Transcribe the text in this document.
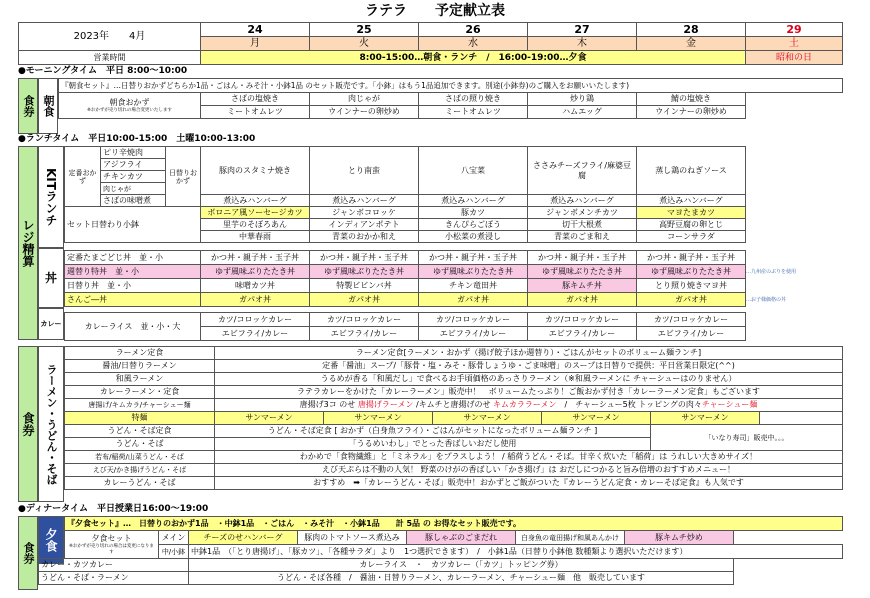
ラテラ　　予定献立表
2023年　　4月	24	25	26	27	28	29
	月	火	水	木	金	土
営業時間	8:00-15:00…朝食・ランチ　/　16:00-19:00…夕食					昭和の日
●モーニングタイム　平日 8:00～10:00
食券 朝食
『朝食セット』…日替りおかずどちらか1品・ごはん・みそ汁・小鉢1品 のセット販売です。「小鉢」はもう1品追加できます。別途(小鉢券)のご購入をお願いいたします)						

朝食おかず
※おかずが売り切れの場合変更いたします	さばの塩焼き	肉じゃが	さばの照り焼き	炒り鶏	鯖の塩焼き	
	ミートオムレツ	ウインナーの卵炒め	ミートオムレツ	ハムエッグ	ウインナーの卵炒め	
●ランチタイム　平日10:00-15:00　土曜10:00-13:00
レジ精算
KITランチ
丼
カレー
定番おかず	ピリ辛焼肉	日替りおかず	豚肉のスタミナ焼き	とり南蛮	八宝菜	ささみチーズフライ/麻婆豆腐	蒸し鶏のねぎソース	
	アジフライ							
	チキンカツ							
	肉じゃが							
	さばの味噌煮		煮込みハンバーグ	煮込みハンバーグ	煮込みハンバーグ	煮込みハンバーグ	煮込みハンバーグ	
セット日替わり小鉢			ボロニア風ソーセージカツ	ジャンボコロッケ	豚カツ	ジャンボメンチカツ	マヨたまカツ	
			里芋のそぼろあん	インディアンポテト	きんぴらごぼう	切干大根煮	高野豆腐の卵とじ	
			中華春雨	青菜のおかか和え	小松菜の煮浸し	青菜のごま和え	コーンサラダ	
定番たまごどじ丼　並・小	かつ丼・親子丼・玉子丼	かつ丼・親子丼・玉子丼	かつ丼・親子丼・玉子丼	かつ丼・親子丼・玉子丼	かつ丼・親子丼・玉子丼
週替り特丼　並・小	ゆず風味ぶりたたき丼	ゆず風味ぶりたたき丼	ゆず風味ぶりたたき丼	ゆず風味ぶりたたき丼	ゆず風味ぶりたたき丼
日替り丼　並・小	味噌カツ丼	特製ビビンバ丼	チキン竜田丼	豚キムチ丼	とり照り焼きマヨ丼
さんご―丼	ガパオ丼	ガパオ丼	ガパオ丼	ガパオ丼	ガパオ丼
…九州産のぶりを使用
…お子様価格の丼
カレーライス　並・小・大	カツ/コロッケカレー	カツ/コロッケカレー	カツ/コロッケカレー	カツ/コロッケカレー	カツ/コロッケカレー
	エビフライ/カレー	エビフライ/カレー	エビフライ/カレー	エビフライ/カレー	エビフライ/カレー
食券 ラーメン・うどん・そば
ラーメン定食	ラーメン定食[ラーメン・おかず（揚げ餃子ほか週替り）・ごはんがセットのボリューム麺ランチ]					
醤油/日替りラーメン	定番「醤油」スープ/「豚骨・塩・みそ・豚骨しょうゆ・ごま味噌」のスープは日替りで提供：平日営業日限定(^^)					
和風ラーメン	うるめが香る「和風だし」で食べるお手頃価格のあっさりラーメン（※和風ラーメンに チャーシューはのりません）					
カレーラーメン・定食	ラテラカレーをかけた「カレーラーメン」販売中！　ボリュームたっぷり！ご飯おかず付き「カレーラーメン定食」もございます					
唐揚げ/キムカラ/チャーシュー麺	唐揚げ3コ のせ 唐揚げラーメン /キムチと唐揚げのせ キムカララーメン　/　チャーシュー5枚 トッピングの肉々チャーシュー麺					
特麺	サンマーメン	サンマーメン	サンマーメン	サンマーメン	サンマーメン	
うどん・そば定食	うどん・そば定食 [ おかず（白身魚フライ）・ごはんがセットになったボリューム麺ランチ ]				「いなり寿司」販売中。。。	
うどん・そば	「うるめいわし」でとった香ばしいおだし使用					
若布/稲荷/山菜うどん・そば	わかめで「食物繊維」と「ミネラル」をプラスしよう！ / 稲荷うどん・そば。甘辛く炊いた「稲荷」は うれしい大きめサイズ！					
えび天/かき揚げうどん・そば	えび天ぷらは不動の人気！ 野菜のけがの香ばしい「かき揚げ」は おだしにつかると旨み倍増のおすすめメニュー！					
カレーうどん・そば	おすすめ　➡「カレーうどん・そば」販売中！おかずとご飯がついた『カレーうどん定食・カレーそば定食』も人気です					
●ディナータイム　平日授業日16:00～19:00
食券
夕食
	『夕食セット』…　日替りのおかず1品　・中鉢1品　・ごはん　・みそ汁　・小鉢1品　　計 5品 の お得なセット販売です。							

	夕食セット
※おかずが売り切れの場合は変更になります	メイン	チーズのせハンバーグ	豚肉のトマトソース煮込み	豚しゃぶのごまだれ	白身魚の竜田揚げ和風あんかけ	豚キムチ炒め	
		中/小鉢	中鉢1品　（「とり唐揚げ」、「豚カツ」、「各種サラダ」より　1つ選択できます）　/　小鉢1品（日替り小鉢他 数種類より選択いただけます）					
カレー・カツカレー			カレーライス　・　カツカレー（「カツ」トッピング券）					
うどん・そば・ラーメン			うどん・そば各種　/　醤油・日替りラーメン、カレーラーメン、チャーシュー麺　他　販売しています					
